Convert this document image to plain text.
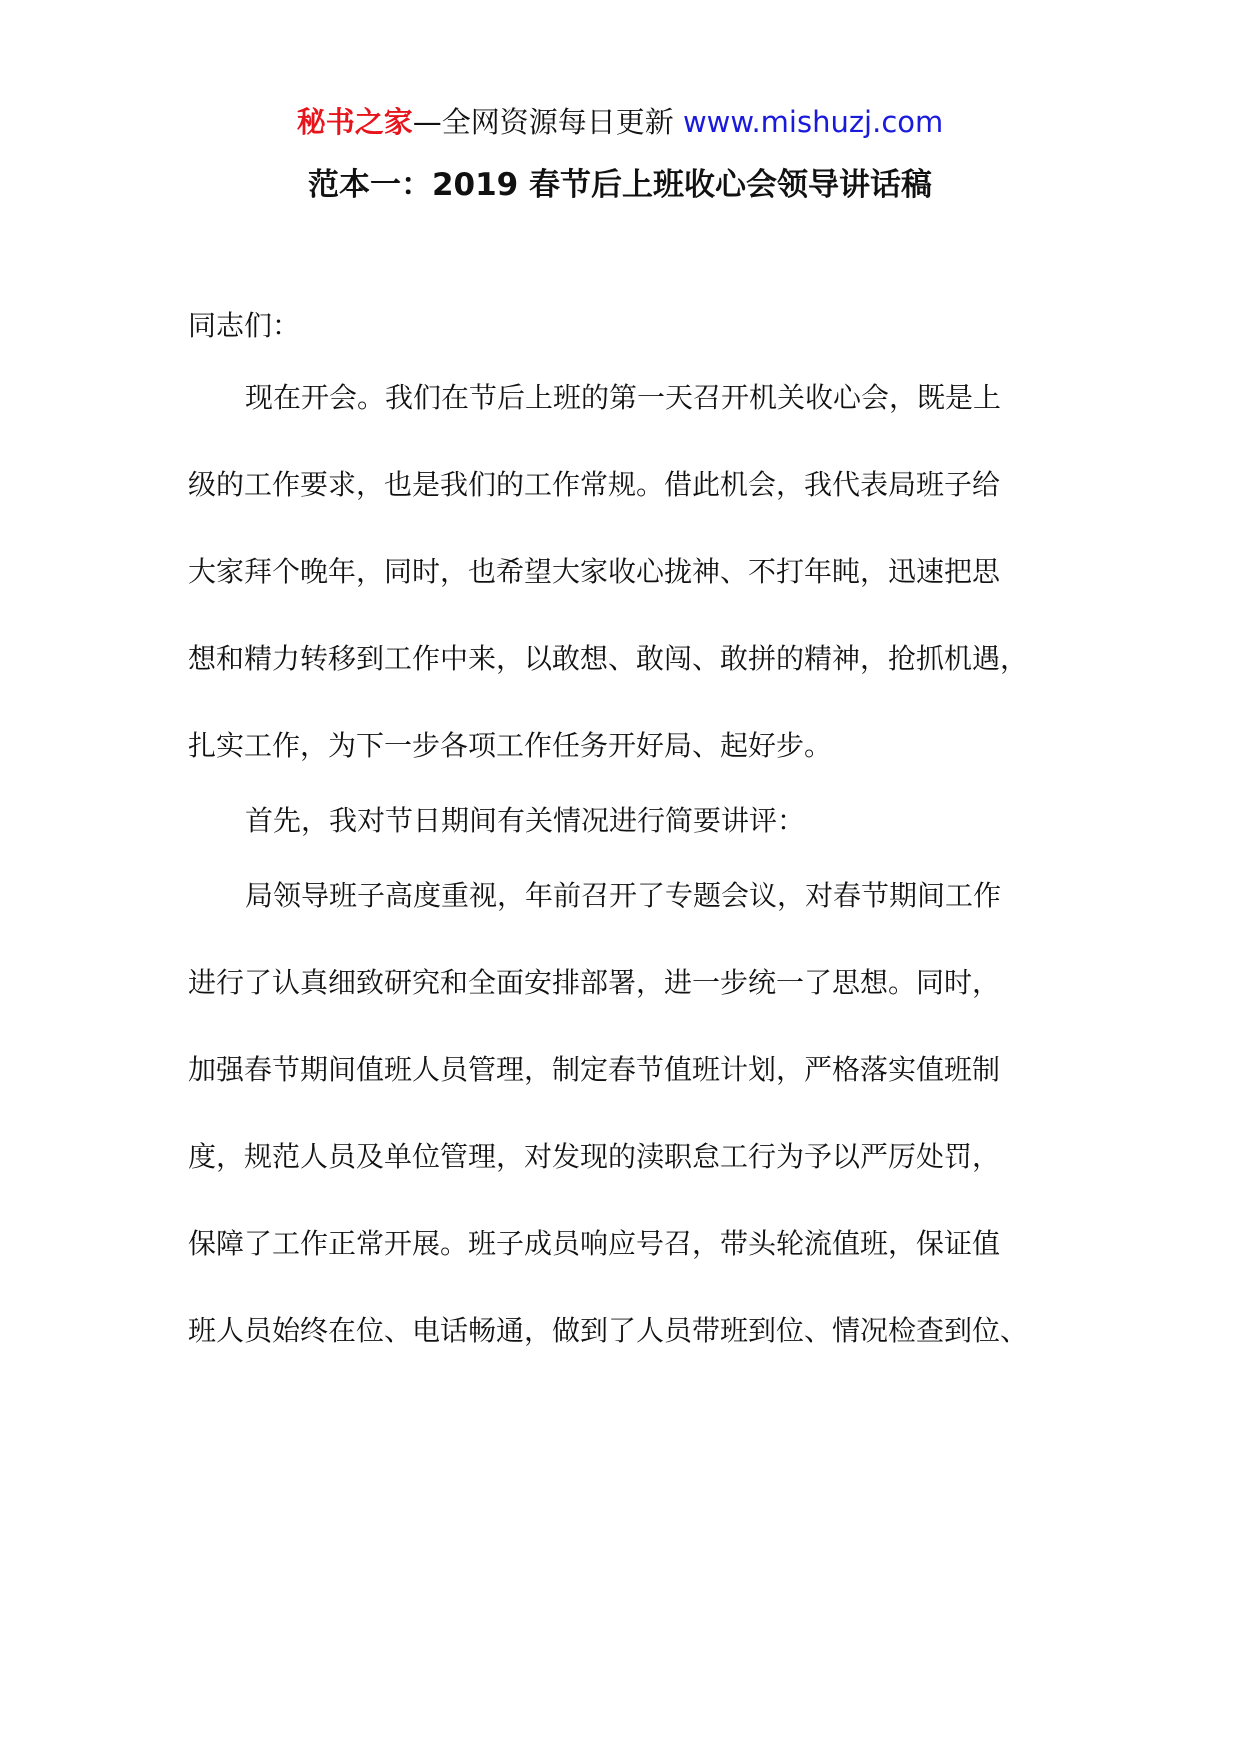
秘书之家—全网资源每日更新 www.mishuzj.com
范本一：2019 春节后上班收心会领导讲话稿
同志们：
现在开会。我们在节后上班的第一天召开机关收心会，既是上
级的工作要求，也是我们的工作常规。借此机会，我代表局班子给
大家拜个晚年，同时，也希望大家收心拢神、不打年盹，迅速把思
想和精力转移到工作中来，以敢想、敢闯、敢拼的精神，抢抓机遇，
扎实工作，为下一步各项工作任务开好局、起好步。
首先，我对节日期间有关情况进行简要讲评：
局领导班子高度重视，年前召开了专题会议，对春节期间工作
进行了认真细致研究和全面安排部署，进一步统一了思想。同时，
加强春节期间值班人员管理，制定春节值班计划，严格落实值班制
度，规范人员及单位管理，对发现的渎职怠工行为予以严厉处罚，
保障了工作正常开展。班子成员响应号召，带头轮流值班，保证值
班人员始终在位、电话畅通，做到了人员带班到位、情况检查到位、
